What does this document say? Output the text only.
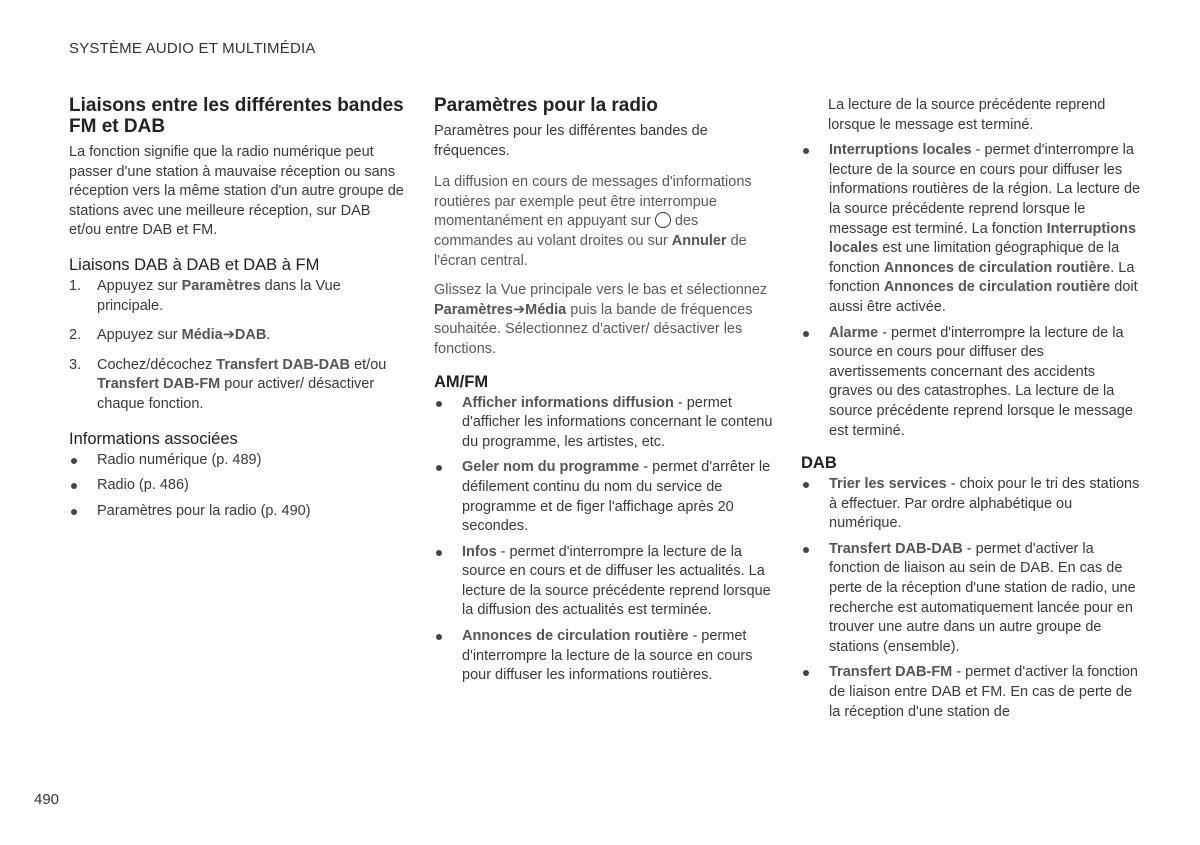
SYSTÈME AUDIO ET MULTIMÉDIA
Liaisons entre les différentes bandes FM et DAB

La fonction signifie que la radio numérique peut passer d'une station à mauvaise réception ou sans réception vers la même station d'un autre groupe de stations avec une meilleure réception, sur DAB et/ou entre DAB et FM.

Liaisons DAB à DAB et DAB à FM
1. Appuyez sur Paramètres dans la Vue principale.
2. Appuyez sur Média➔DAB.
3. Cochez/décochez Transfert DAB-DAB et/ou Transfert DAB-FM pour activer/ désactiver chaque fonction.
Informations associées
Radio numérique (p. 489)
Radio (p. 486)
Paramètres pour la radio (p. 490)
Paramètres pour la radio

Paramètres pour les différentes bandes de fréquences.

La diffusion en cours de messages d'informations routières par exemple peut être interrompue momentanément en appuyant sur des commandes au volant droites ou sur Annuler de l'écran central.

Glissez la Vue principale vers le bas et sélectionnez Paramètres➔Média puis la bande de fréquences souhaitée. Sélectionnez d'activer/ désactiver les fonctions.

AM/FM
Afficher informations diffusion - permet d'afficher les informations concernant le contenu du programme, les artistes, etc.
Geler nom du programme - permet d'arrêter le défilement continu du nom du service de programme et de figer l'affichage après 20 secondes.
Infos - permet d'interrompre la lecture de la source en cours et de diffuser les actualités. La lecture de la source précédente reprend lorsque la diffusion des actualités est terminée.
Annonces de circulation routière - permet d'interrompre la lecture de la source en cours pour diffuser les informations routières.

La lecture de la source précédente reprend lorsque le message est terminé.

Interruptions locales - permet d'interrompre la lecture de la source en cours pour diffuser les informations routières de la région. La lecture de la source précédente reprend lorsque le message est terminé. La fonction Interruptions locales est une limitation géographique de la fonction Annonces de circulation routière. La fonction Annonces de circulation routière doit aussi être activée.
Alarme - permet d'interrompre la lecture de la source en cours pour diffuser des avertissements concernant des accidents graves ou des catastrophes. La lecture de la source précédente reprend lorsque le message est terminé.
DAB
Trier les services - choix pour le tri des stations à effectuer. Par ordre alphabétique ou numérique.
Transfert DAB-DAB - permet d'activer la fonction de liaison au sein de DAB. En cas de perte de la réception d'une station de radio, une recherche est automatiquement lancée pour en trouver une autre dans un autre groupe de stations (ensemble).
Transfert DAB-FM - permet d'activer la fonction de liaison entre DAB et FM. En cas de perte de la réception d'une station de
490
